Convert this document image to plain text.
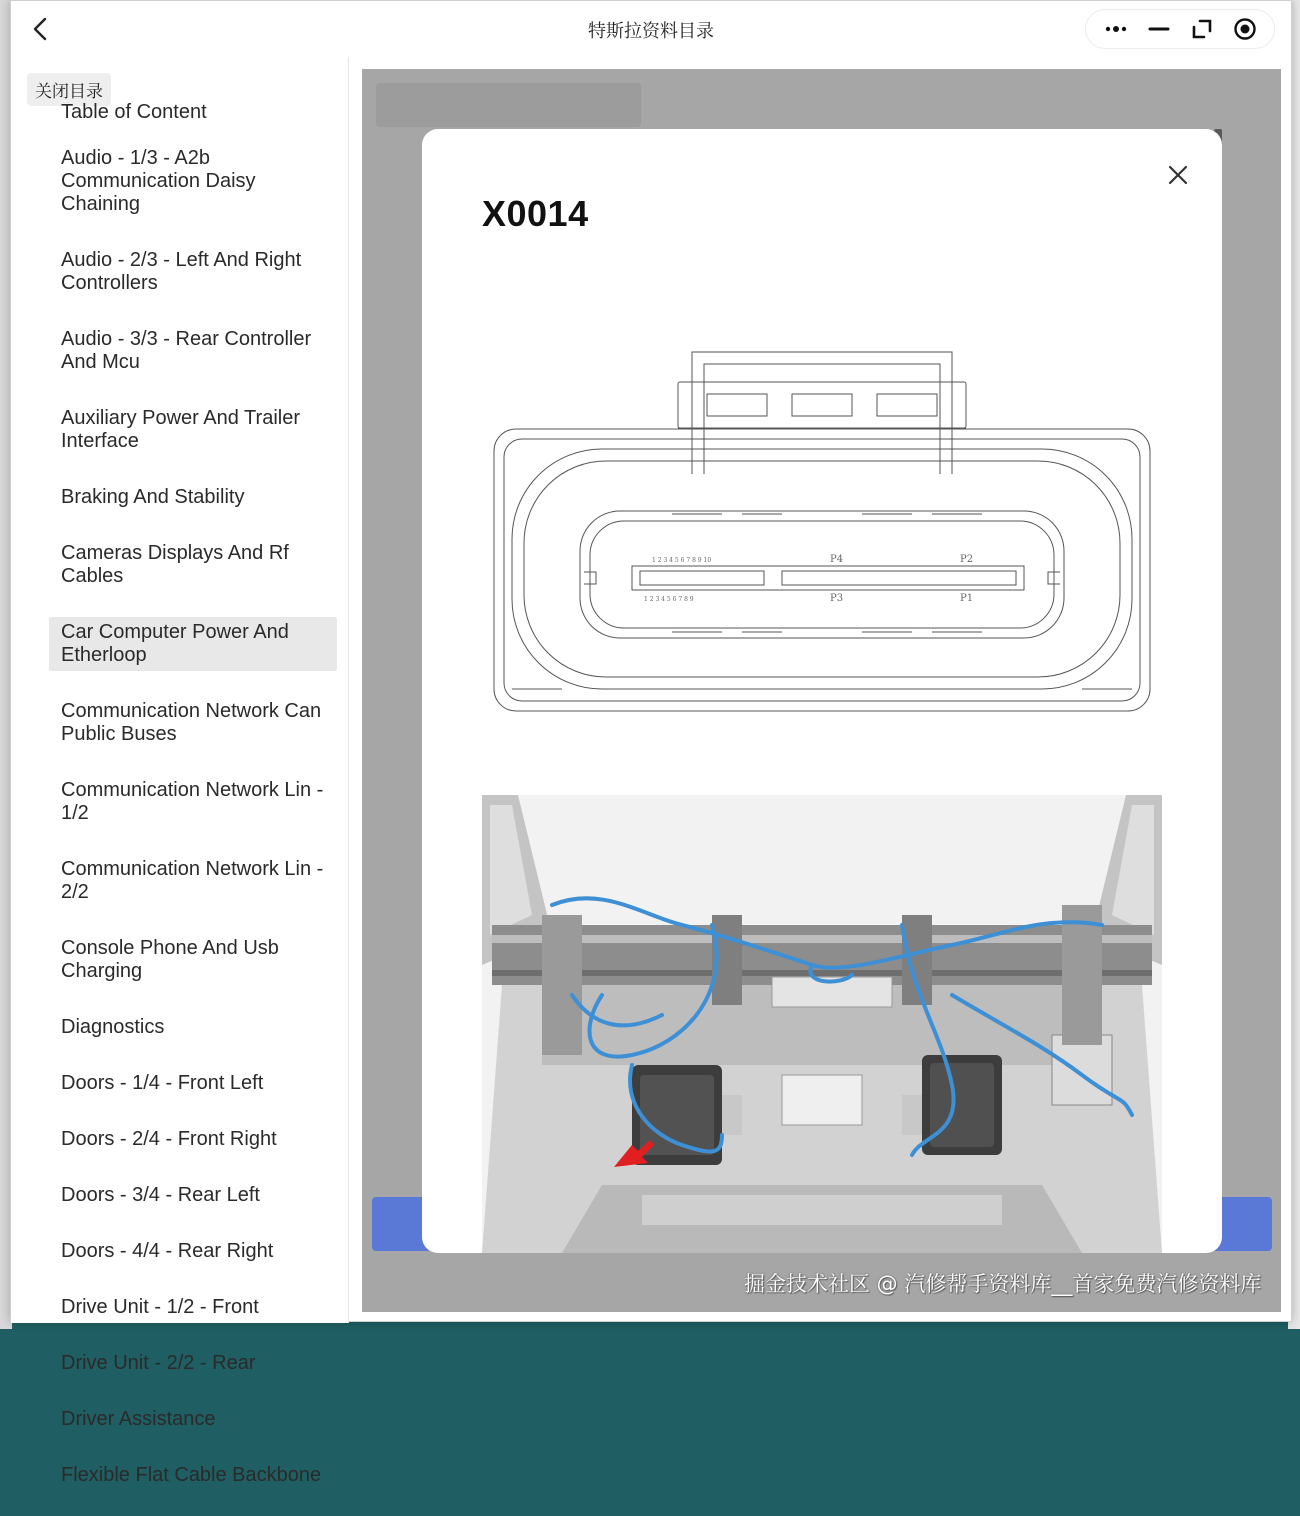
特斯拉资料目录
关闭目录
Table of Content
Audio - 1/3 - A2b Communication Daisy Chaining
Audio - 2/3 - Left And Right Controllers
Audio - 3/3 - Rear Controller And Mcu
Auxiliary Power And Trailer Interface
Braking And Stability
Cameras Displays And Rf Cables
Car Computer Power And Etherloop
Communication Network Can Public Buses
Communication Network Lin - 1/2
Communication Network Lin - 2/2
Console Phone And Usb Charging
Diagnostics
Doors - 1/4 - Front Left
Doors - 2/4 - Front Right
Doors - 3/4 - Rear Left
Doors - 4/4 - Rear Right
Drive Unit - 1/2 - Front
Drive Unit - 2/2 - Rear
Driver Assistance
Flexible Flat Cable Backbone
X0014
1 2 3 4 5 6 7 8 9 10
1 2 3 4 5 6 7 8 9
P4	P2
P3	P1
掘金技术社区 @ 汽修帮手资料库__首家免费汽修资料库
